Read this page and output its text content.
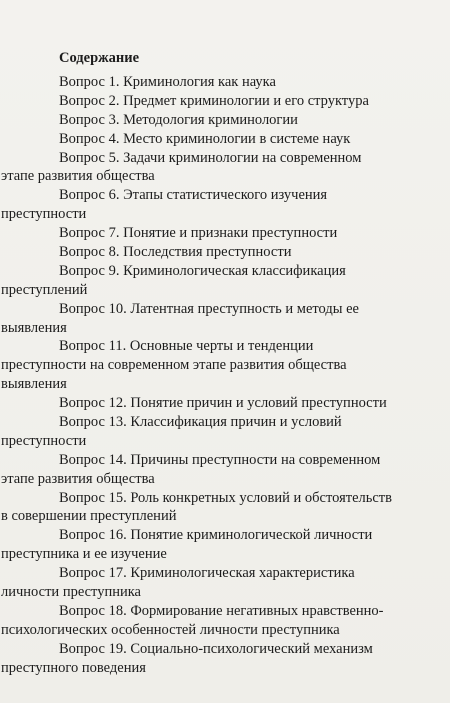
Содержание
Вопрос 1. Криминология как наука
Вопрос 2. Предмет криминологии и его структура
Вопрос 3. Методология криминологии
Вопрос 4. Место криминологии в системе наук
Вопрос 5. Задачи криминологии на современном
этапе развития общества
Вопрос 6. Этапы статистического изучения
преступности
Вопрос 7. Понятие и признаки преступности
Вопрос 8. Последствия преступности
Вопрос 9. Криминологическая классификация
преступлений
Вопрос 10. Латентная преступность и методы ее
выявления
Вопрос 11. Основные черты и тенденции
преступности на современном этапе развития общества
выявления
Вопрос 12. Понятие причин и условий преступности
Вопрос 13. Классификация причин и условий
преступности
Вопрос 14. Причины преступности на современном
этапе развития общества
Вопрос 15. Роль конкретных условий и обстоятельств
в совершении преступлений
Вопрос 16. Понятие криминологической личности
преступника и ее изучение
Вопрос 17. Криминологическая характеристика
личности преступника
Вопрос 18. Формирование негативных нравственно-
психологических особенностей личности преступника
Вопрос 19. Социально-психологический механизм
преступного поведения
